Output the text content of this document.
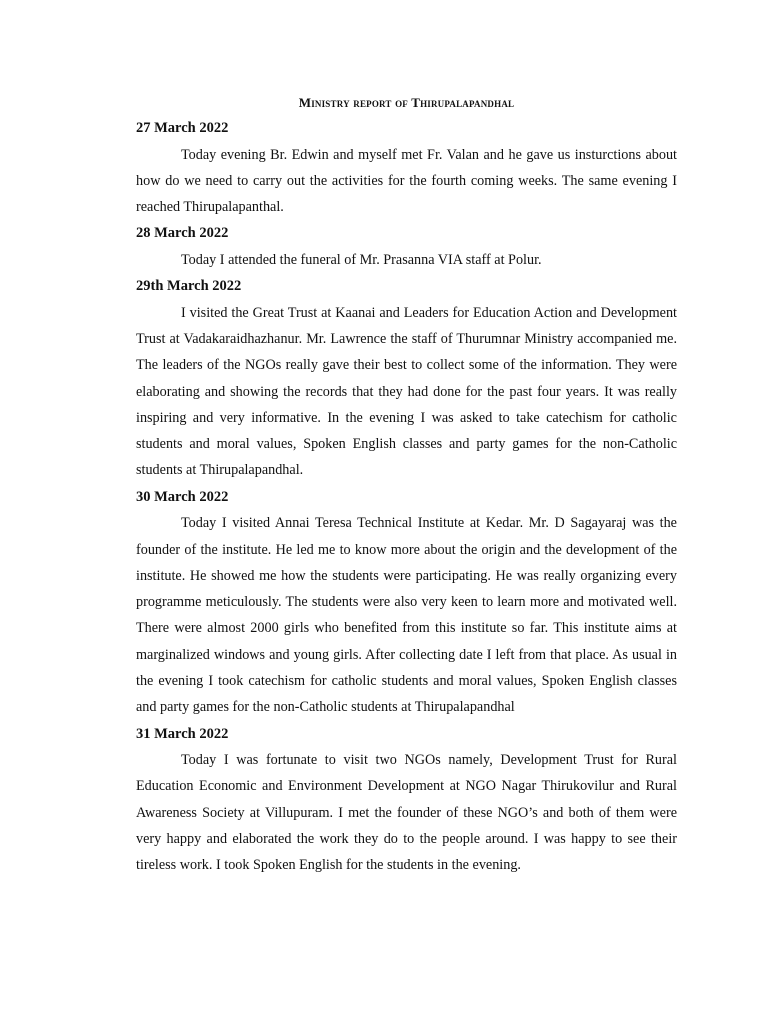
Ministry report of Thirupalapandhal
27 March 2022

Today evening Br. Edwin and myself met Fr. Valan and he gave us insturctions about how do we need to carry out the activities for the fourth coming weeks. The same evening I reached Thirupalapanthal.

28 March 2022

Today I attended the funeral of Mr. Prasanna VIA staff at Polur.

29th March 2022

I visited the Great Trust at Kaanai and Leaders for Education Action and Development Trust at Vadakaraidhazhanur. Mr. Lawrence the staff of Thurumnar Ministry accompanied me. The leaders of the NGOs really gave their best to collect some of the information. They were elaborating and showing the records that they had done for the past four years. It was really inspiring and very informative. In the evening I was asked to take catechism for catholic students and moral values, Spoken English classes and party games for the non-Catholic students at Thirupalapandhal.

30 March 2022

Today I visited Annai Teresa Technical Institute at Kedar. Mr. D Sagayaraj was the founder of the institute. He led me to know more about the origin and the development of the institute. He showed me how the students were participating. He was really organizing every programme meticulously. The students were also very keen to learn more and motivated well. There were almost 2000 girls who benefited from this institute so far. This institute aims at marginalized windows and young girls. After collecting date I left from that place. As usual in the evening I took catechism for catholic students and moral values, Spoken English classes and party games for the non-Catholic students at Thirupalapandhal

31 March 2022

Today I was fortunate to visit two NGOs namely, Development Trust for Rural Education Economic and Environment Development at NGO Nagar Thirukovilur and Rural Awareness Society at Villupuram. I met the founder of these NGO’s and both of them were very happy and elaborated the work they do to the people around. I was happy to see their tireless work. I took Spoken English for the students in the evening.
